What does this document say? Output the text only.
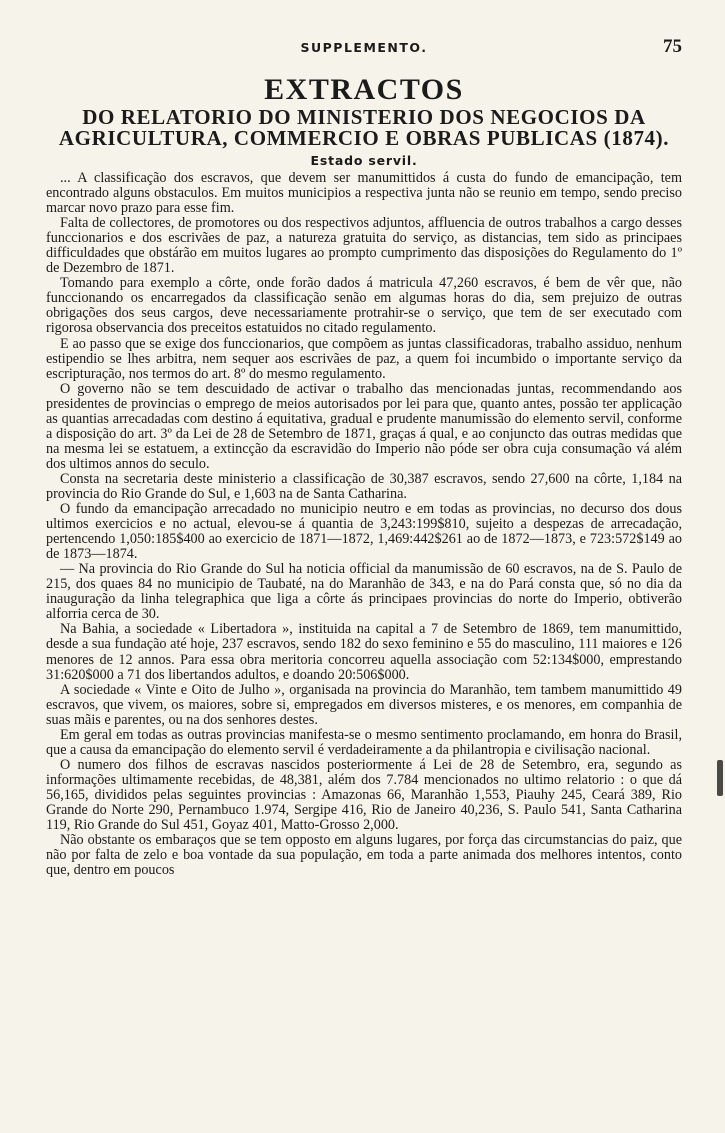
SUPPLEMENTO.	75
EXTRACTOS
DO RELATORIO DO MINISTERIO DOS NEGOCIOS DA
AGRICULTURA, COMMERCIO E OBRAS PUBLICAS (1874).
Estado servil.

... A classificação dos escravos, que devem ser manumittidos á custa do fundo de emancipação, tem encontrado alguns obstaculos. Em muitos municipios a respectiva junta não se reunio em tempo, sendo preciso marcar novo prazo para esse fim.

Falta de collectores, de promotores ou dos respectivos adjuntos, affluencia de outros trabalhos a cargo desses funccionarios e dos escrivães de paz, a natureza gratuita do serviço, as distancias, tem sido as principaes difficuldades que obstárão em muitos lugares ao prompto cumprimento das disposições do Regulamento do 1º de Dezembro de 1871.

Tomando para exemplo a côrte, onde forão dados á matricula 47,260 escravos, é bem de vêr que, não funccionando os encarregados da classificação senão em algumas horas do dia, sem prejuizo de outras obrigações dos seus cargos, deve necessariamente protrahir-se o serviço, que tem de ser executado com rigorosa observancia dos preceitos estatuidos no citado regulamento.

E ao passo que se exige dos funccionarios, que compõem as juntas classificadoras, trabalho assiduo, nenhum estipendio se lhes arbitra, nem sequer aos escrivães de paz, a quem foi incumbido o importante serviço da escripturação, nos termos do art. 8º do mesmo regulamento.

O governo não se tem descuidado de activar o trabalho das mencionadas juntas, recommendando aos presidentes de provincias o emprego de meios autorisados por lei para que, quanto antes, possão ter applicação as quantias arrecadadas com destino á equitativa, gradual e prudente manumissão do elemento servil, conforme a disposição do art. 3º da Lei de 28 de Setembro de 1871, graças á qual, e ao conjuncto das outras medidas que na mesma lei se estatuem, a extincção da escravidão do Imperio não póde ser obra cuja consumação vá além dos ultimos annos do seculo.

Consta na secretaria deste ministerio a classificação de 30,387 escravos, sendo 27,600 na côrte, 1,184 na provincia do Rio Grande do Sul, e 1,603 na de Santa Catharina.

O fundo da emancipação arrecadado no municipio neutro e em todas as provincias, no decurso dos dous ultimos exercicios e no actual, elevou-se á quantia de 3,243:199$810, sujeito a despezas de arrecadação, pertencendo 1,050:185$400 ao exercicio de 1871—1872, 1,469:442$261 ao de 1872—1873, e 723:572$149 ao de 1873—1874.

— Na provincia do Rio Grande do Sul ha noticia official da manumissão de 60 escravos, na de S. Paulo de 215, dos quaes 84 no municipio de Taubaté, na do Maranhão de 343, e na do Pará consta que, só no dia da inauguração da linha telegraphica que liga a côrte ás principaes provincias do norte do Imperio, obtiverão alforria cerca de 30.

Na Bahia, a sociedade « Libertadora », instituida na capital a 7 de Setembro de 1869, tem manumittido, desde a sua fundação até hoje, 237 escravos, sendo 182 do sexo feminino e 55 do masculino, 111 maiores e 126 menores de 12 annos. Para essa obra meritoria concorreu aquella associação com 52:134$000, emprestando 31:620$000 a 71 dos libertandos adultos, e doando 20:506$000.

A sociedade « Vinte e Oito de Julho », organisada na provincia do Maranhão, tem tambem manumittido 49 escravos, que vivem, os maiores, sobre si, empregados em diversos misteres, e os menores, em companhia de suas mãis e parentes, ou na dos senhores destes.

Em geral em todas as outras provincias manifesta-se o mesmo sentimento proclamando, em honra do Brasil, que a causa da emancipação do elemento servil é verdadeiramente a da philantropia e civilisação nacional.

O numero dos filhos de escravas nascidos posteriormente á Lei de 28 de Setembro, era, segundo as informações ultimamente recebidas, de 48,381, além dos 7.784 mencionados no ultimo relatorio : o que dá 56,165, divididos pelas seguintes provincias : Amazonas 66, Maranhão 1,553, Piauhy 245, Ceará 389, Rio Grande do Norte 290, Pernambuco 1.974, Sergipe 416, Rio de Janeiro 40,236, S. Paulo 541, Santa Catharina 119, Rio Grande do Sul 451, Goyaz 401, Matto-Grosso 2,000.

Não obstante os embaraços que se tem opposto em alguns lugares, por força das circumstancias do paiz, que não por falta de zelo e boa vontade da sua população, em toda a parte animada dos melhores intentos, conto que, dentro em poucos
